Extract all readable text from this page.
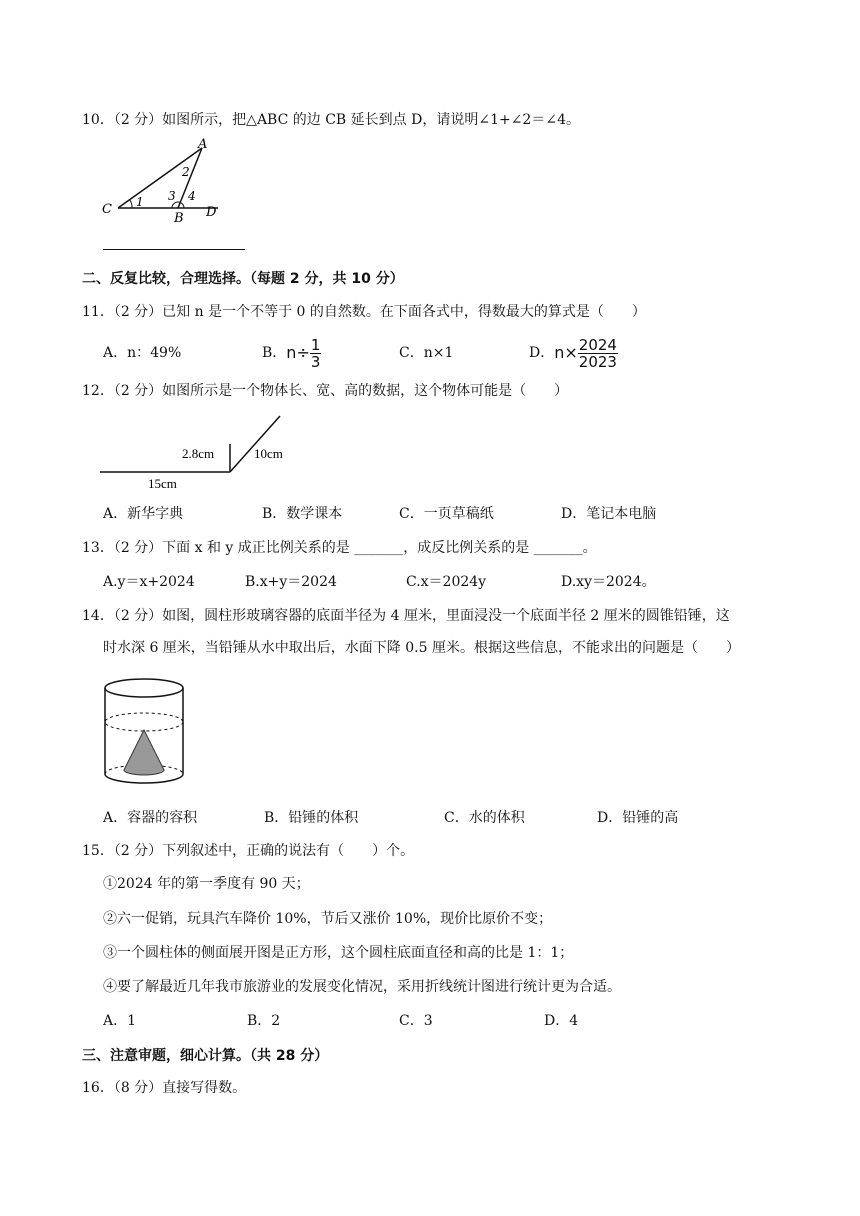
10．（2 分）如图所示，把△ABC 的边 CB 延长到点 D，请说明∠1+∠2＝∠4。
A
C
B D
1
2
3 4
二、反复比较，合理选择。（每题 2 分，共 10 分）
11．（2 分）已知 n 是一个不等于 0 的自然数。在下面各式中，得数最大的算式是（　　）
A．n：49%	B． $n\div \frac{1}{3}$	C．n×1	D． $n\times \frac{2024}{2023}$
12．（2 分）如图所示是一个物体长、宽、高的数据，这个物体可能是（　　）
2.8cm	10cm
15cm
A．新华字典	B．数学课本	C．一页草稿纸	D．笔记本电脑
13．（2 分）下面 x 和 y 成正比例关系的是 _______，成反比例关系的是 _______。
A.y＝x+2024	B.x+y＝2024	C.x＝2024y	D.xy＝2024。
14．（2 分）如图，圆柱形玻璃容器的底面半径为 4 厘米，里面浸没一个底面半径 2 厘米的圆锥铅锤，这
时水深 6 厘米，当铅锤从水中取出后，水面下降 0.5 厘米。根据这些信息，不能求出的问题是（　　）
A．容器的容积	B．铅锤的体积	C．水的体积	D．铅锤的高
15．（2 分）下列叙述中，正确的说法有（　　）个。
①2024 年的第一季度有 90 天；
②六一促销，玩具汽车降价 10%，节后又涨价 10%，现价比原价不变；
③一个圆柱体的侧面展开图是正方形，这个圆柱底面直径和高的比是 1：1；
④要了解最近几年我市旅游业的发展变化情况，采用折线统计图进行统计更为合适。
A．1	B．2	C．3	D．4
三、注意审题，细心计算。（共 28 分）
16．（8 分）直接写得数。
